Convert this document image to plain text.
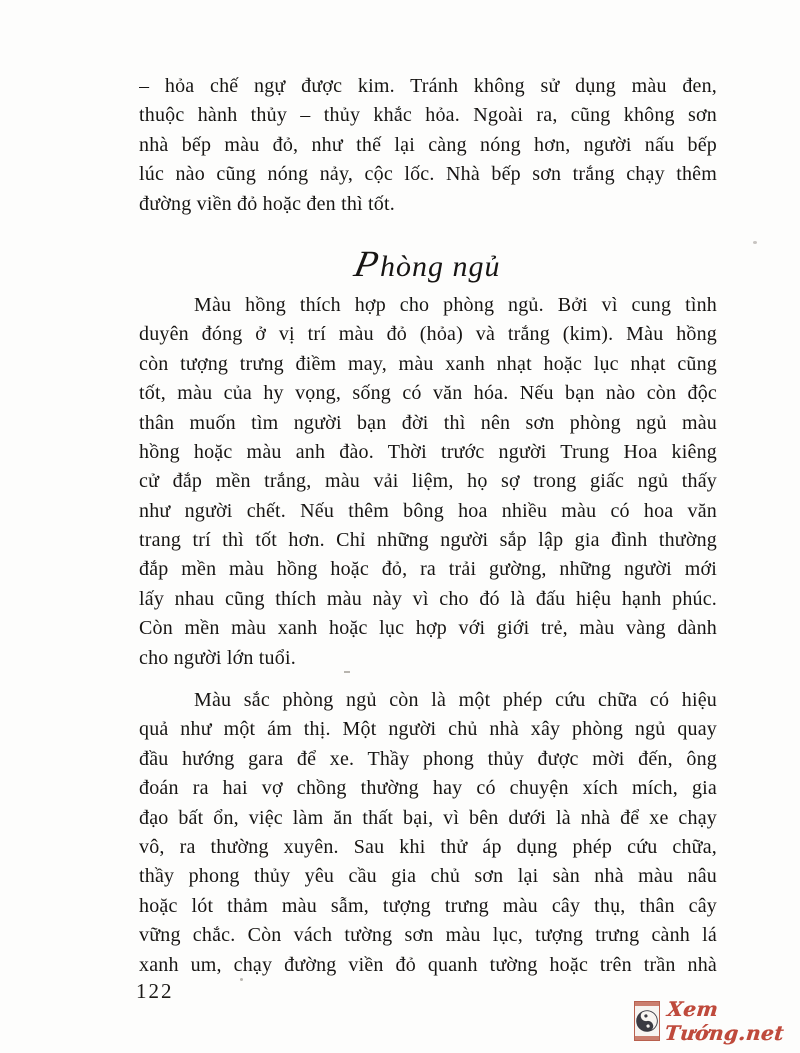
– hỏa chế ngự được kim. Tránh không sử dụng màu đen,
thuộc hành thủy – thủy khắc hỏa. Ngoài ra, cũng không sơn
nhà bếp màu đỏ, như thế lại càng nóng hơn, người nấu bếp
lúc nào cũng nóng nảy, cộc lốc. Nhà bếp sơn trắng chạy thêm
đường viền đỏ hoặc đen thì tốt.
Phòng ngủ
Màu hồng thích hợp cho phòng ngủ. Bởi vì cung tình
duyên đóng ở vị trí màu đỏ (hỏa) và trắng (kim). Màu hồng
còn tượng trưng điềm may, màu xanh nhạt hoặc lục nhạt cũng
tốt, màu của hy vọng, sống có văn hóa. Nếu bạn nào còn độc
thân muốn tìm người bạn đời thì nên sơn phòng ngủ màu
hồng hoặc màu anh đào. Thời trước người Trung Hoa kiêng
cử đắp mền trắng, màu vải liệm, họ sợ trong giấc ngủ thấy
như người chết. Nếu thêm bông hoa nhiều màu có hoa văn
trang trí thì tốt hơn. Chỉ những người sắp lập gia đình thường
đắp mền màu hồng hoặc đỏ, ra trải gường, những người mới
lấy nhau cũng thích màu này vì cho đó là đấu hiệu hạnh phúc.
Còn mền màu xanh hoặc lục hợp với giới trẻ, màu vàng dành
cho người lớn tuổi.
Màu sắc phòng ngủ còn là một phép cứu chữa có hiệu
quả như một ám thị. Một người chủ nhà xây phòng ngủ quay
đầu hướng gara để xe. Thầy phong thủy được mời đến, ông
đoán ra hai vợ chồng thường hay có chuyện xích mích, gia
đạo bất ổn, việc làm ăn thất bại, vì bên dưới là nhà để xe chạy
vô, ra thường xuyên. Sau khi thử áp dụng phép cứu chữa,
thầy phong thủy yêu cầu gia chủ sơn lại sàn nhà màu nâu
hoặc lót thảm màu sẫm, tượng trưng màu cây thụ, thân cây
vững chắc. Còn vách tường sơn màu lục, tượng trưng cành lá
xanh um, chạy đường viền đỏ quanh tường hoặc trên trần nhà
122
Xem Tướng.net
